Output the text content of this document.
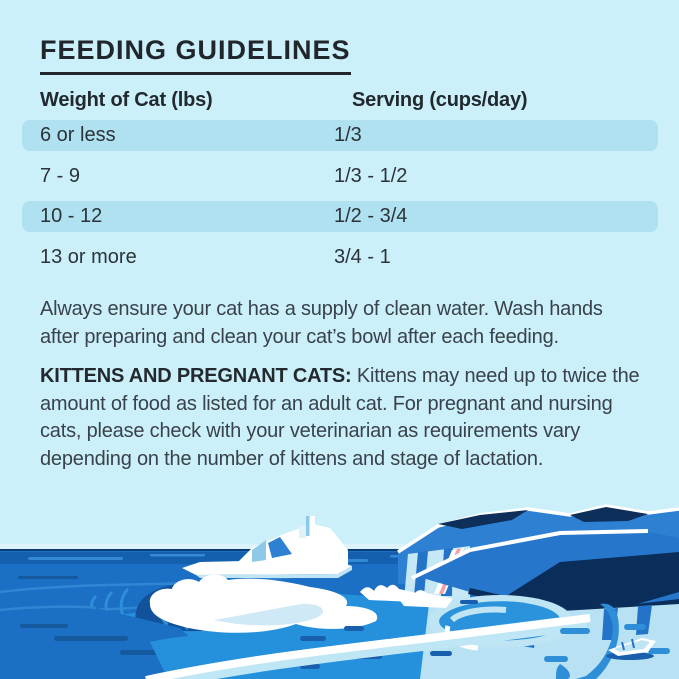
FEEDING GUIDELINES
Weight of Cat (lbs)	Serving (cups/day)
6 or less	1/3
7 - 9	1/3 - 1/2
10 - 12	1/2 - 3/4
13 or more	3/4 - 1

Always ensure your cat has a supply of clean water. Wash hands
after preparing and clean your cat’s bowl after each feeding.

KITTENS AND PREGNANT CATS: Kittens may need up to twice the
amount of food as listed for an adult cat. For pregnant and nursing
cats, please check with your veterinarian as requirements vary
depending on the number of kittens and stage of lactation.
